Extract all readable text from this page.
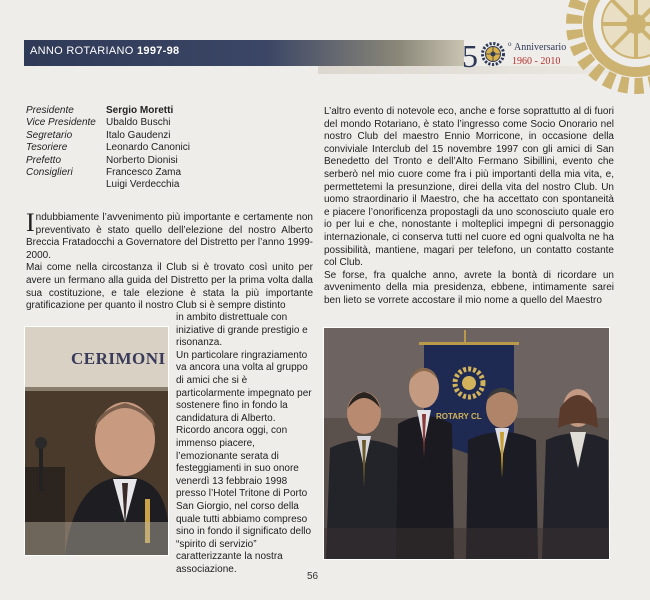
ANNO ROTARIANO 1997-98	5	o Anniversario
1960 - 2010
Presidente	Sergio Moretti
Vice Presidente	Ubaldo Buschi
Segretario	Italo Gaudenzi
Tesoriere	Leonardo Canonici
Prefetto	Norberto Dionisi
Consiglieri	Francesco Zama
Luigi Verdecchia

Indubbiamente l’avvenimento più importante e certamente non preventivato è stato quello dell’elezione del nostro Alberto Breccia Fratadocchi a Governatore del Distretto per l’anno 1999-2000.

Mai come nella circostanza il Club si è trovato così unito per avere un fermano alla guida del Distretto per la prima volta dalla sua costituzione, e tale elezione è stata la più importante gratificazione per quanto il nostro Club si è sempre distinto

CERIMONI

in ambito distrettuale con iniziative di grande prestigio e risonanza.

Un particolare ringraziamento va ancora una volta al gruppo di amici che si è particolarmente impegnato per sostenere fino in fondo la candidatura di Alberto.

Ricordo ancora oggi, con immenso piacere, l’emozionante serata di festeggiamenti in suo onore venerdì 13 febbraio 1998 presso l’Hotel Tritone di Porto San Giorgio, nel corso della quale tutti abbiamo compreso sino in fondo il significato dello “spirito di servizio” caratterizzante la nostra associazione.

L’altro evento di notevole eco, anche e forse soprattutto al di fuori del mondo Rotariano, è stato l’ingresso come Socio Onorario nel nostro Club del maestro Ennio Morricone, in occasione della conviviale Interclub del 15 novembre 1997 con gli amici di San Benedetto del Tronto e dell’Alto Fermano Sibillini, evento che serberò nel mio cuore come fra i più importanti della mia vita, e, permettetemi la presunzione, direi della vita del nostro Club. Un uomo straordinario il Maestro, che ha accettato con spontaneità e piacere l’onorificenza propostagli da uno sconosciuto quale ero io per lui e che, nonostante i molteplici impegni di personaggio internazionale, ci conserva tutti nel cuore ed ogni qualvolta ne ha possibilità, mantiene, magari per telefono, un contatto costante col Club.

Se forse, fra qualche anno, avrete la bontà di ricordare un avvenimento della mia presidenza, ebbene, intimamente sarei ben lieto se vorrete accostare il mio nome a quello del Maestro

ROTARY CL
56
